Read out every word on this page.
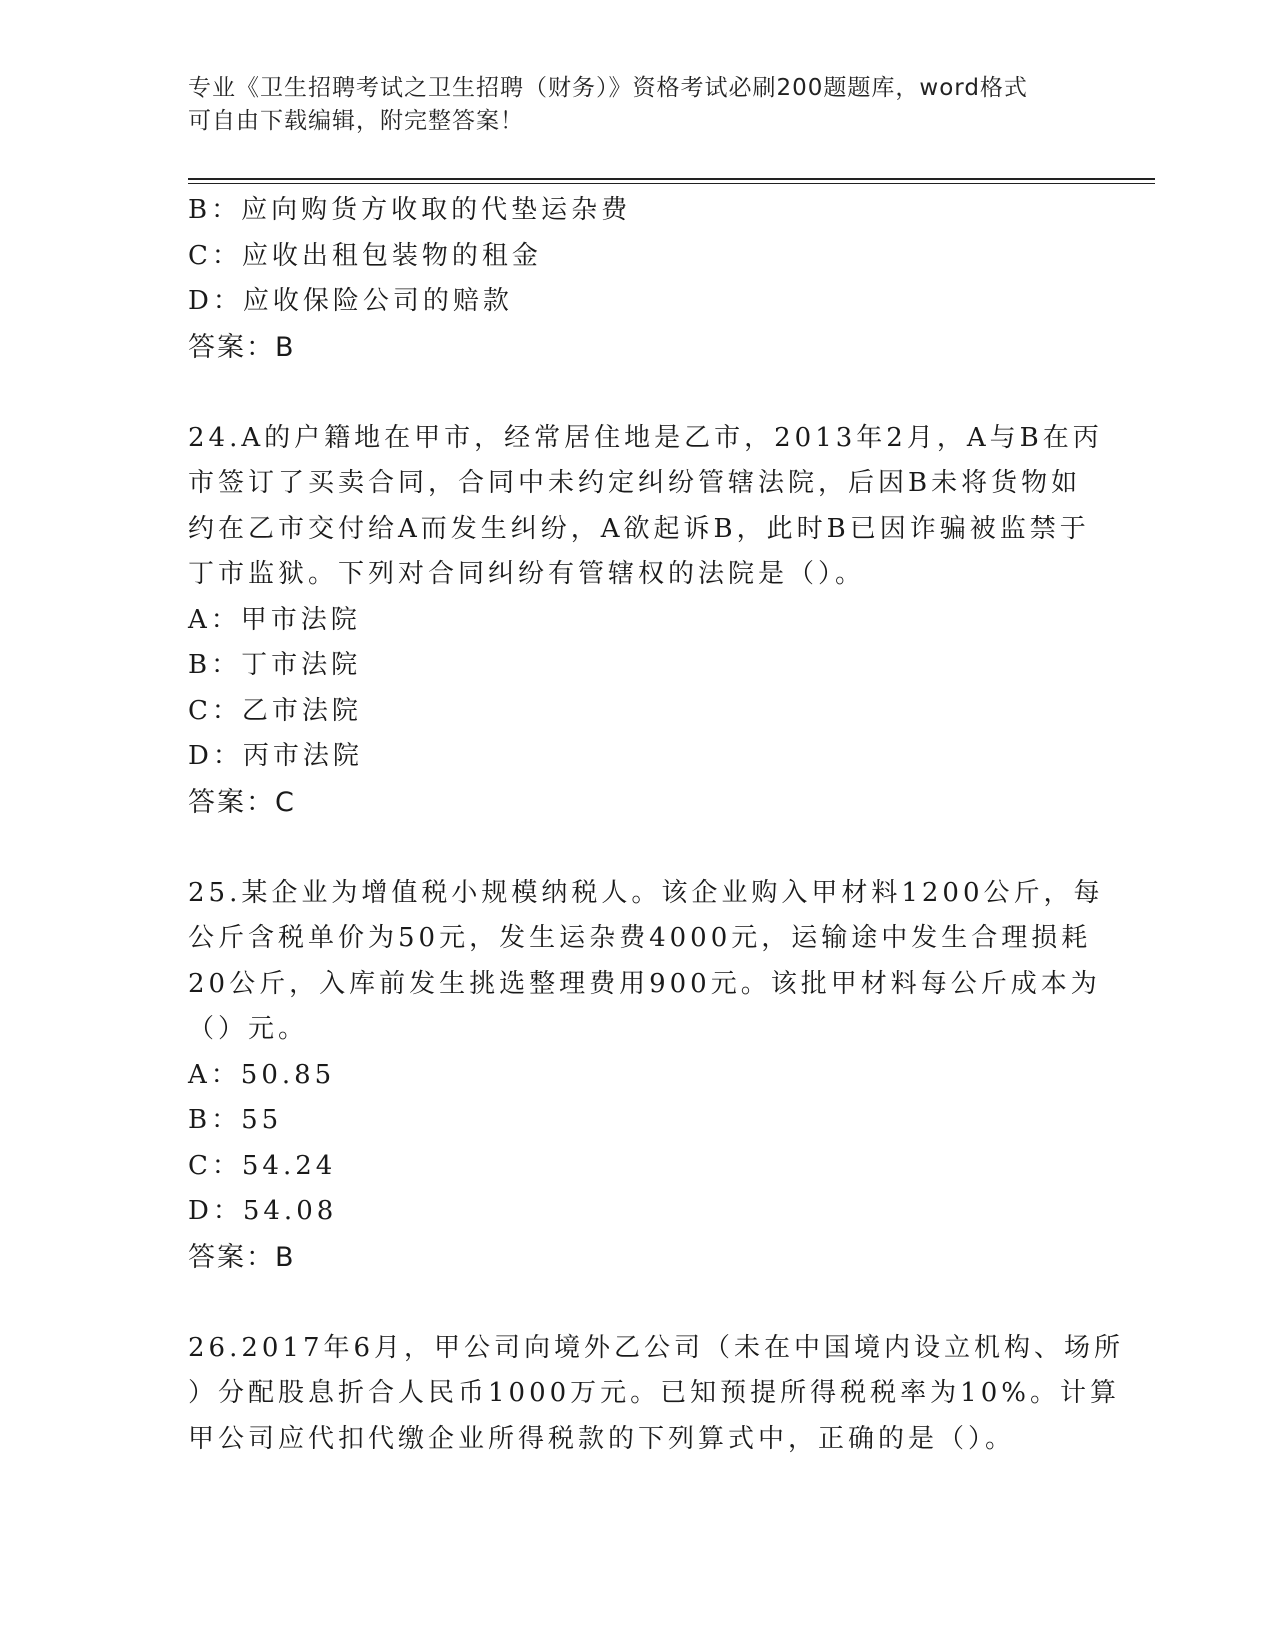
专业《卫生招聘考试之卫生招聘（财务）》资格考试必刷200题题库，word格式
可自由下载编辑，附完整答案！
B：应向购货方收取的代垫运杂费
C：应收出租包装物的租金
D：应收保险公司的赔款
答案：B
24.A的户籍地在甲市，经常居住地是乙市，2013年2月，A与B在丙
市签订了买卖合同，合同中未约定纠纷管辖法院，后因B未将货物如
约在乙市交付给A而发生纠纷，A欲起诉B，此时B已因诈骗被监禁于
丁市监狱。下列对合同纠纷有管辖权的法院是（）。
A：甲市法院
B：丁市法院
C：乙市法院
D：丙市法院
答案：C
25.某企业为增值税小规模纳税人。该企业购入甲材料1200公斤，每
公斤含税单价为50元，发生运杂费4000元，运输途中发生合理损耗
20公斤，入库前发生挑选整理费用900元。该批甲材料每公斤成本为
（）元。
A：50.85
B：55
C：54.24
D：54.08
答案：B
26.2017年6月，甲公司向境外乙公司（未在中国境内设立机构、场所
）分配股息折合人民币1000万元。已知预提所得税税率为10%。计算
甲公司应代扣代缴企业所得税款的下列算式中，正确的是（）。
